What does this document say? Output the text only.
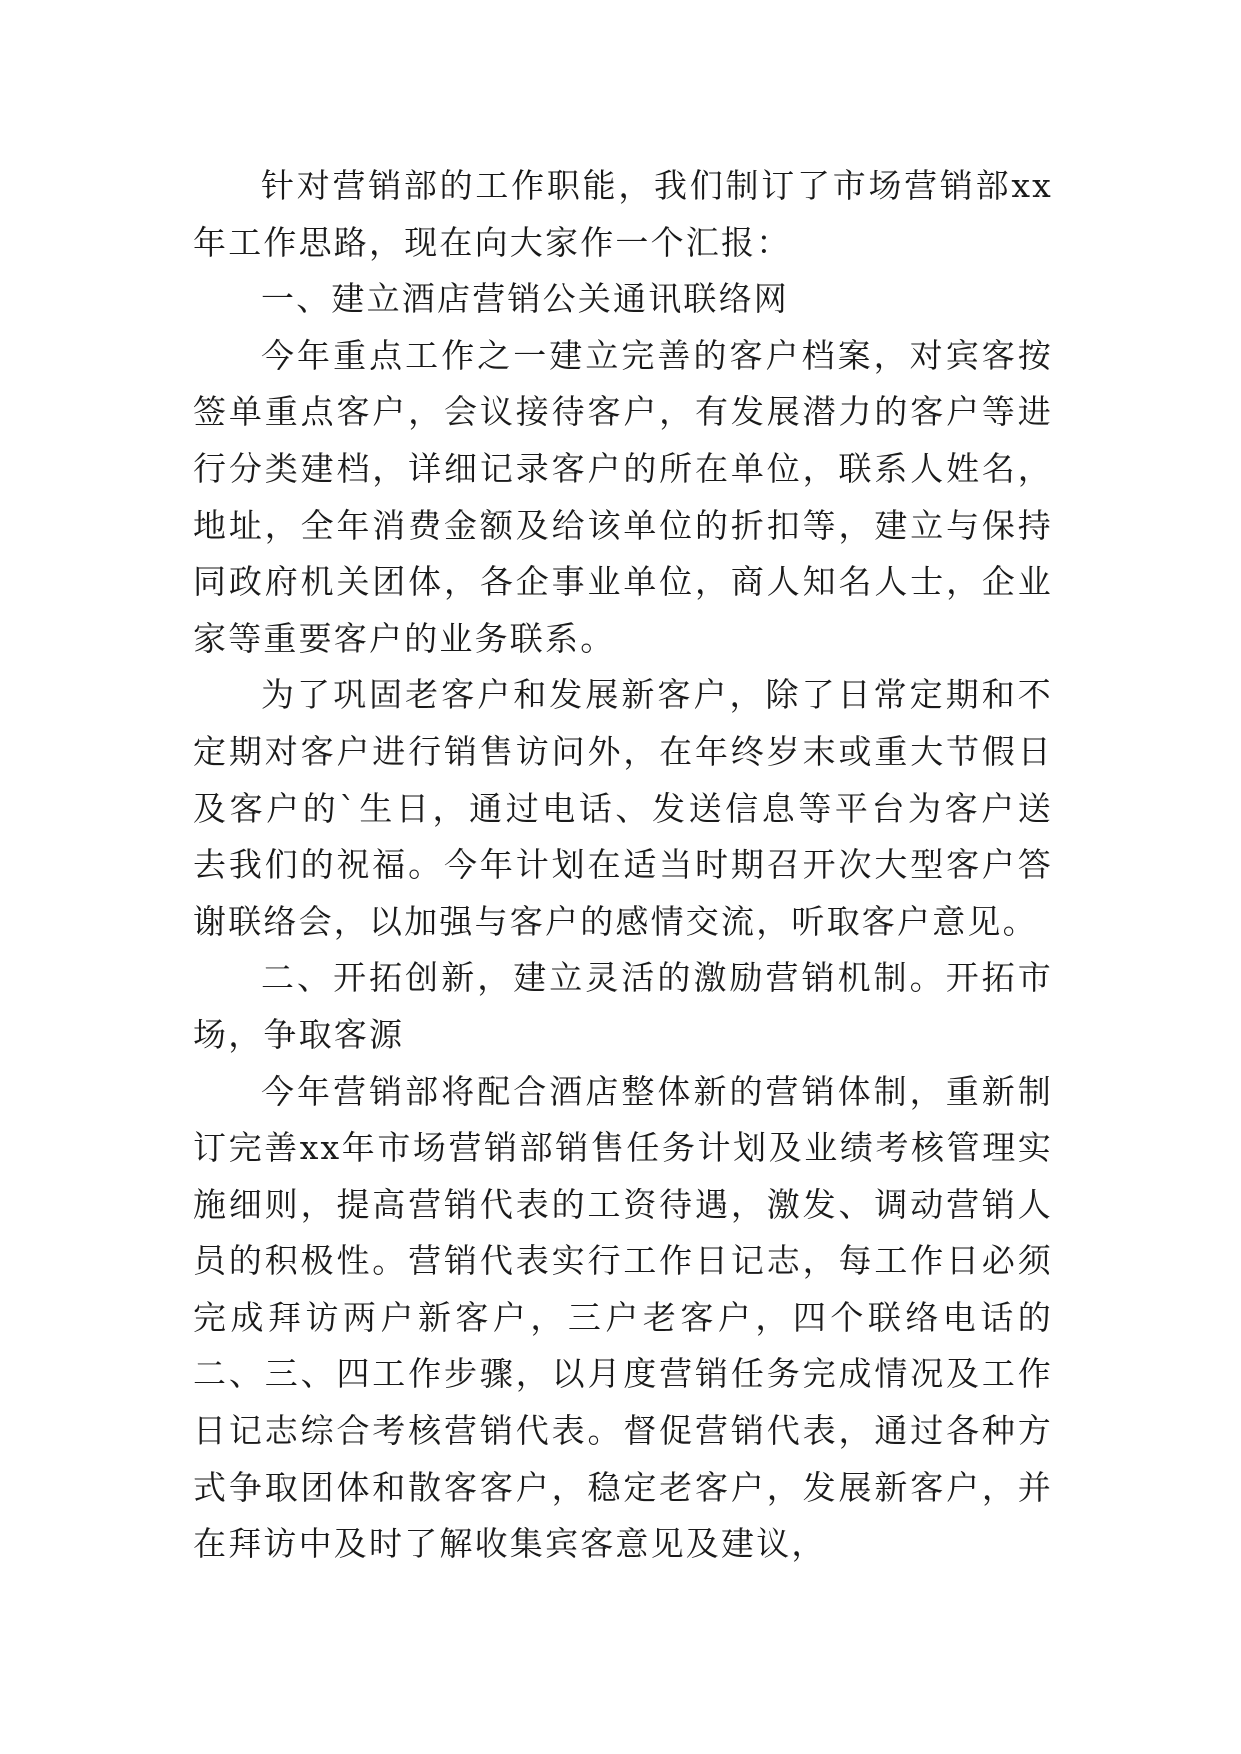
针对营销部的工作职能，我们制订了市场营销部xx年工作思路，现在向大家作一个汇报：

一、建立酒店营销公关通讯联络网

今年重点工作之一建立完善的客户档案，对宾客按签单重点客户，会议接待客户，有发展潜力的客户等进行分类建档，详细记录客户的所在单位，联系人姓名，地址，全年消费金额及给该单位的折扣等，建立与保持同政府机关团体，各企事业单位，商人知名人士，企业家等重要客户的业务联系。

为了巩固老客户和发展新客户，除了日常定期和不定期对客户进行销售访问外，在年终岁末或重大节假日及客户的`生日，通过电话、发送信息等平台为客户送去我们的祝福。今年计划在适当时期召开次大型客户答谢联络会，以加强与客户的感情交流，听取客户意见。

二、开拓创新，建立灵活的激励营销机制。开拓市场，争取客源

今年营销部将配合酒店整体新的营销体制，重新制订完善xx年市场营销部销售任务计划及业绩考核管理实施细则，提高营销代表的工资待遇，激发、调动营销人员的积极性。营销代表实行工作日记志，每工作日必须完成拜访两户新客户，三户老客户，四个联络电话的二、三、四工作步骤，以月度营销任务完成情况及工作日记志综合考核营销代表。督促营销代表，通过各种方式争取团体和散客客户，稳定老客户，发展新客户，并在拜访中及时了解收集宾客意见及建议，
